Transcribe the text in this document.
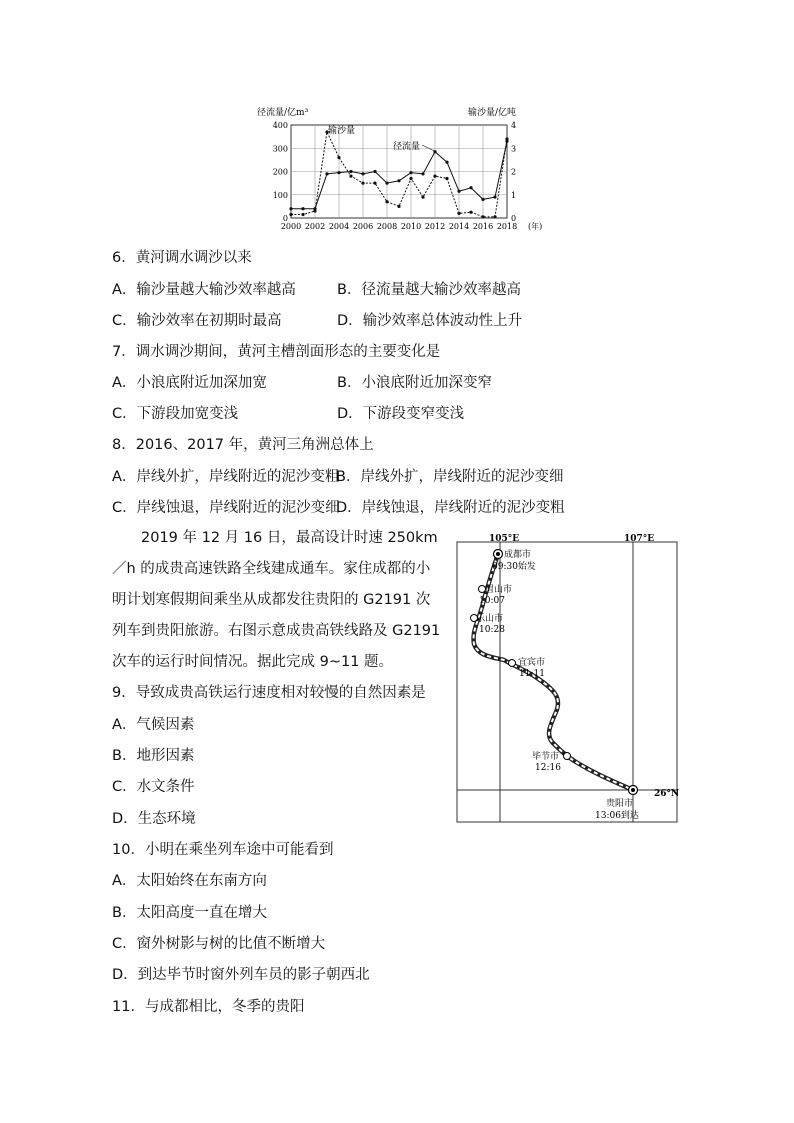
径流量/亿m³	输沙量/亿吨
400
300
200
100
0
4
3
2
1
0
2000 2002 2004 2006 2008 2010 2012 2014 2016 2018 (年)
输沙量
径流量
6．黄河调水调沙以来
A．输沙量越大输沙效率越高	B．径流量越大输沙效率越高
C．输沙效率在初期时最高	D．输沙效率总体波动性上升
7．调水调沙期间，黄河主槽剖面形态的主要变化是
A．小浪底附近加深加宽	B．小浪底附近加深变窄
C．下游段加宽变浅	D．下游段变窄变浅
8．2016、2017 年，黄河三角洲总体上
A．岸线外扩，岸线附近的泥沙变粗
B．岸线外扩，岸线附近的泥沙变细
C．岸线蚀退，岸线附近的泥沙变细
D．岸线蚀退，岸线附近的泥沙变粗
2019 年 12 月 16 日，最高设计时速 250km／h 的成贵高速铁路全线建成通车。家住成都的小明计划寒假期间乘坐从成都发往贵阳的 G2191 次列车到贵阳旅游。右图示意成贵高铁线路及 G2191 次车的运行时间情况。据此完成 9~11 题。
105°E	107°E
26°N
成都市
09:30始发
眉山市
10:07
乐山市
10:28
宜宾市
11:11
毕节市
12:16
贵阳市
13:06到达
9．导致成贵高铁运行速度相对较慢的自然因素是
A．气候因素
B．地形因素
C．水文条件
D．生态环境
10．小明在乘坐列车途中可能看到
A．太阳始终在东南方向
B．太阳高度一直在增大
C．窗外树影与树的比值不断增大
D．到达毕节时窗外列车员的影子朝西北
11．与成都相比，冬季的贵阳
